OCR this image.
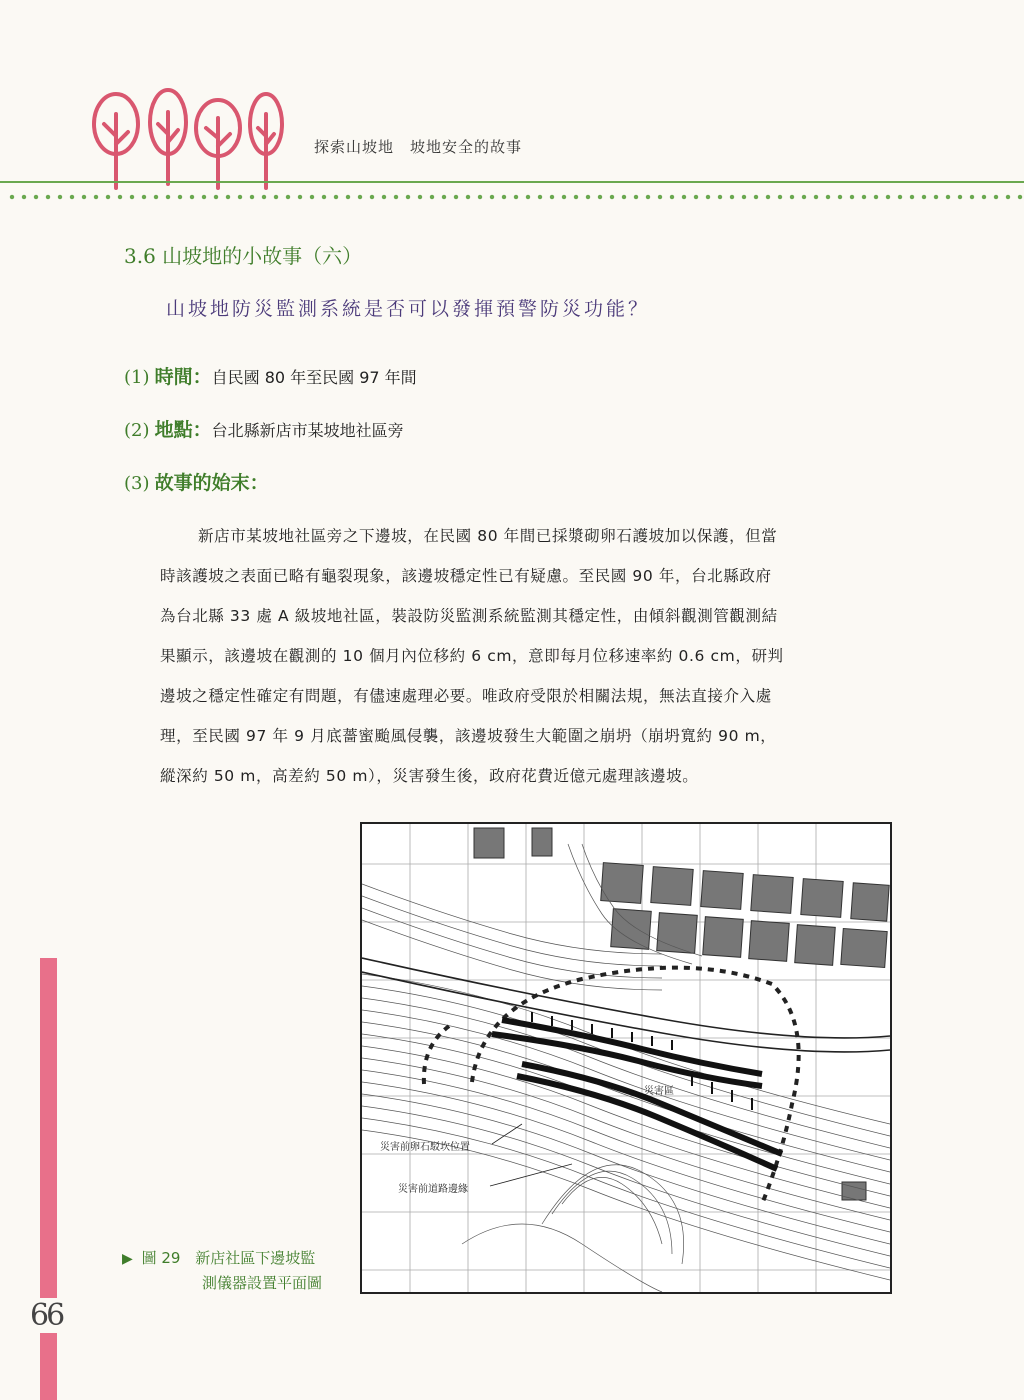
探索山坡地　坡地安全的故事
3.6 山坡地的小故事（六）
山坡地防災監測系統是否可以發揮預警防災功能？
(1) 時間：自民國 80 年至民國 97 年間
(2) 地點：台北縣新店市某坡地社區旁
(3) 故事的始末：
新店市某坡地社區旁之下邊坡，在民國 80 年間已採漿砌卵石護坡加以保護，但當
時該護坡之表面已略有龜裂現象，該邊坡穩定性已有疑慮。至民國 90 年，台北縣政府
為台北縣 33 處 A 級坡地社區，裝設防災監測系統監測其穩定性，由傾斜觀測管觀測結
果顯示，該邊坡在觀測的 10 個月內位移約 6 cm，意即每月位移速率約 0.6 cm，研判
邊坡之穩定性確定有問題，有儘速處理必要。唯政府受限於相關法規，無法直接介入處
理，至民國 97 年 9 月底薔蜜颱風侵襲，該邊坡發生大範圍之崩坍（崩坍寬約 90 m，
縱深約 50 m，高差約 50 m），災害發生後，政府花費近億元處理該邊坡。
災害區
災害前卵石駁坎位置
災害前道路邊緣
▶ 圖 29 新店社區下邊坡監
測儀器設置平面圖
66
